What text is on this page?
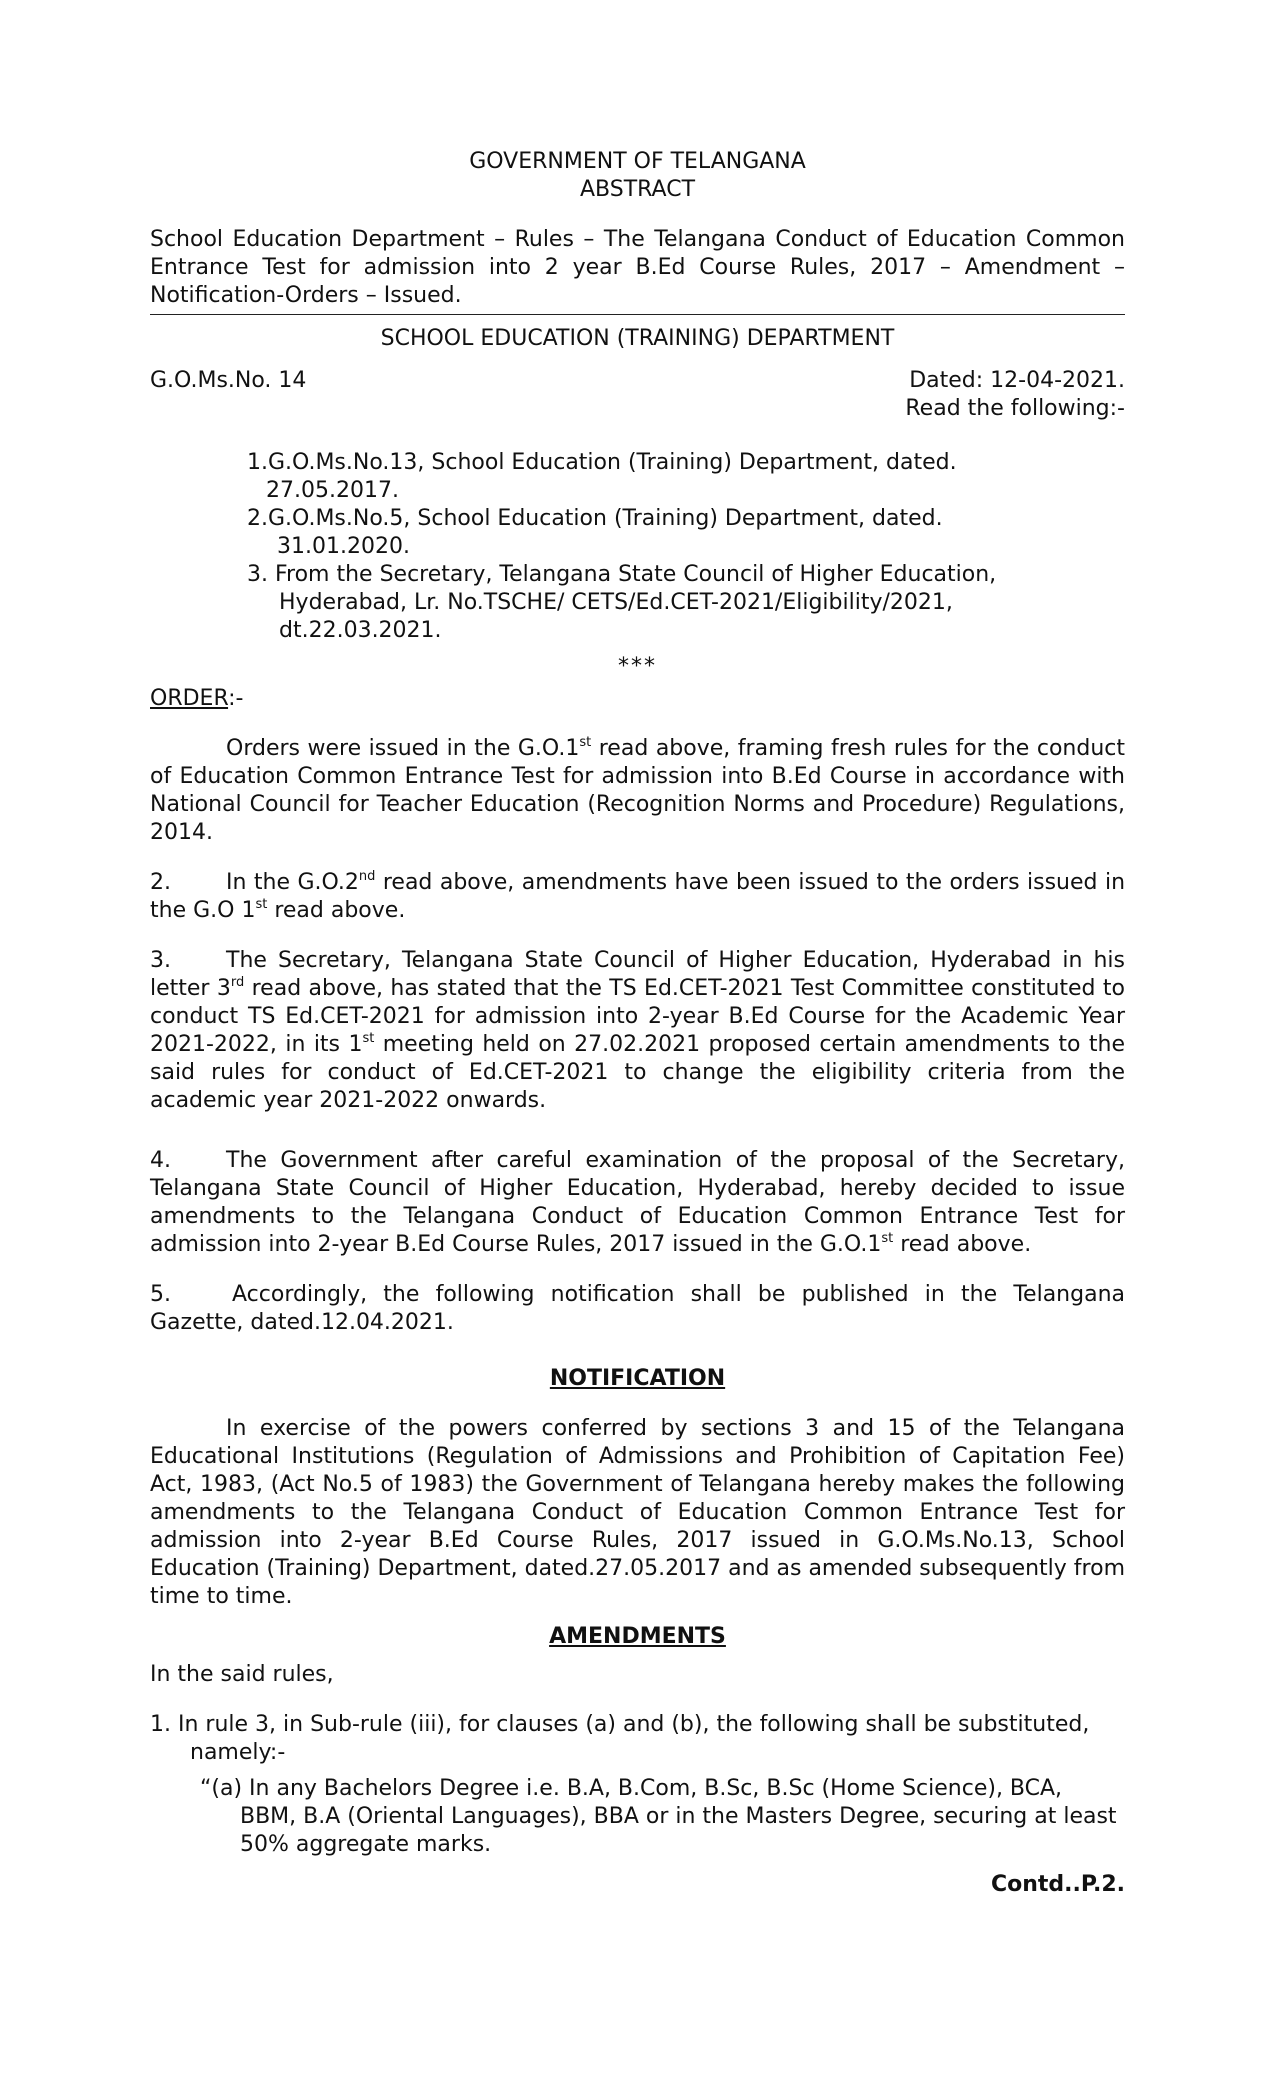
GOVERNMENT OF TELANGANA

ABSTRACT

School Education Department – Rules – The Telangana Conduct of Education Common Entrance Test for admission into 2 year B.Ed Course Rules, 2017 – Amendment – Notification-Orders – Issued.
SCHOOL EDUCATION (TRAINING) DEPARTMENT
G.O.Ms.No. 14	Dated: 12-04-2021.
Read the following:-

1.G.O.Ms.No.13, School Education (Training) Department, dated.
27.05.2017.

2.G.O.Ms.No.5, School Education (Training) Department, dated.
31.01.2020.

3. From the Secretary, Telangana State Council of Higher Education,
Hyderabad, Lr. No.TSCHE/ CETS/Ed.CET-2021/Eligibility/2021,
dt.22.03.2021.

***
ORDER:-
Orders were issued in the G.O.1st read above, framing fresh rules for the conduct of Education Common Entrance Test for admission into B.Ed Course in accordance with National Council for Teacher Education (Recognition Norms and Procedure) Regulations, 2014.
2.	In the G.O.2nd read above, amendments have been issued to the orders issued in the G.O 1st read above.
3.	The Secretary, Telangana State Council of Higher Education, Hyderabad in his letter 3rd read above, has stated that the TS Ed.CET-2021 Test Committee constituted to conduct TS Ed.CET-2021 for admission into 2-year B.Ed Course for the Academic Year 2021-2022, in its 1st meeting held on 27.02.2021 proposed certain amendments to the said rules for conduct of Ed.CET-2021 to change the eligibility criteria from the academic year 2021-2022 onwards.
4.	The Government after careful examination of the proposal of the Secretary, Telangana State Council of Higher Education, Hyderabad, hereby decided to issue amendments to the Telangana Conduct of Education Common Entrance Test for admission into 2-year B.Ed Course Rules, 2017 issued in the G.O.1st read above.
5.	Accordingly, the following notification shall be published in the Telangana Gazette, dated.12.04.2021.
NOTIFICATION
In exercise of the powers conferred by sections 3 and 15 of the Telangana Educational Institutions (Regulation of Admissions and Prohibition of Capitation Fee) Act, 1983, (Act No.5 of 1983) the Government of Telangana hereby makes the following amendments to the Telangana Conduct of Education Common Entrance Test for admission into 2-year B.Ed Course Rules, 2017 issued in G.O.Ms.No.13, School Education (Training) Department, dated.27.05.2017 and as amended subsequently from time to time.
AMENDMENTS
In the said rules,
1. In rule 3, in Sub-rule (iii), for clauses (a) and (b), the following shall be substituted, namely:-
“(a) In any Bachelors Degree i.e. B.A, B.Com, B.Sc, B.Sc (Home Science), BCA, BBM, B.A (Oriental Languages), BBA or in the Masters Degree, securing at least 50% aggregate marks.
Contd..P.2.
